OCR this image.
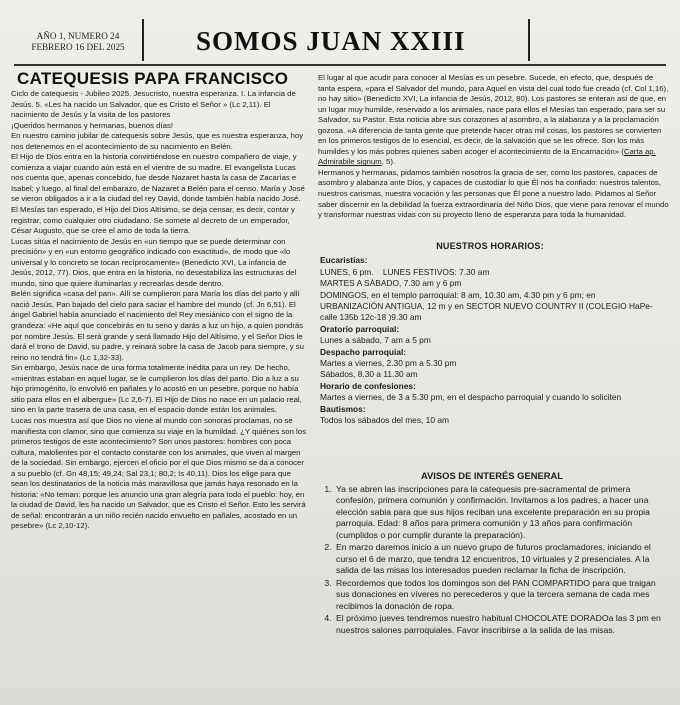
AÑO 1, NUMERO 24
FEBRERO 16 DEL 2025	SOMOS JUAN XXIII
CATEQUESIS PAPA FRANCISCO

Ciclo de catequesis - Jubileo 2025. Jesucristo, nuestra esperanza. I. La infancia de Jesús. 5. «Les ha nacido un Salvador, que es Cristo el Señor » (Lc 2,11). El nacimiento de Jesús y la visita de los pastores

¡Queridos hermanos y hermanas, buenos días!

En nuestro camino jubilar de catequesis sobre Jesús, que es nuestra esperanza, hoy nos detenemos en el acontecimiento de su nacimiento en Belén.

El Hijo de Dios entra en la historia convirtiéndose en nuestro compañero de viaje, y comienza a viajar cuando aún está en el vientre de su madre. El evangelista Lucas nos cuenta que, apenas concebido, fue desde Nazaret hasta la casa de Zacarías e Isabel; y luego, al final del embarazo, de Nazaret a Belén para el censo. María y José se vieron obligados a ir a la ciudad del rey David, donde también había nacido José. El Mesías tan esperado, el Hijo del Dios Altísimo, se deja censar, es decir, contar y registrar, como cualquier otro ciudadano. Se somete al decreto de un emperador, César Augusto, que se cree el amo de toda la tierra.

Lucas sitúa el nacimiento de Jesús en «un tiempo que se puede determinar con precisión» y en «un entorno geográfico indicado con exactitud», de modo que «lo universal y lo concreto se tocan recíprocamente» (Benedicto XVI, La infancia de Jesús, 2012, 77). Dios, que entra en la historia, no desestabiliza las estructuras del mundo, sino que quiere iluminarlas y recrearlas desde dentro.

Belén significa «casa del pan». Allí se cumplieron para María los días del parto y allí nació Jesús, Pan bajado del cielo para saciar el hambre del mundo (cf. Jn 6,51). El ángel Gabriel había anunciado el nacimiento del Rey mesiánico con el signo de la grandeza: «He aquí que concebirás en tu seno y darás a luz un hijo, a quien pondrás por nombre Jesús. El será grande y será llamado Hijo del Altísimo, y el Señor Dios le dará el trono de David, su padre, y reinará sobre la casa de Jacob para siempre, y su reino no tendrá fin» (Lc 1,32-33).

Sin embargo, Jesús nace de una forma totalmente inédita para un rey. De hecho, «mientras estaban en aquel lugar, se le cumplieron los días del parto. Dio a luz a su hijo primogénito, lo envolvió en pañales y lo acostó en un pesebre, porque no había sitio para ellos en el albergue» (Lc 2,6-7). El Hijo de Dios no nace en un palacio real, sino en la parte trasera de una casa, en el espacio donde están los animales.

Lucas nos muestra así que Dios no viene al mundo con sonoras proclamas, no se manifiesta con clamor, sino que comienza su viaje en la humildad. ¿Y quiénes son los primeros testigos de este acontecimiento? Son unos pastores: hombres con poca cultura, malolientes por el contacto constante con los animales, que viven al margen de la sociedad. Sin embargo, ejercen el oficio por el que Dios mismo se da a conocer a su pueblo (cf. Gn 48,15; 49,24; Sal 23,1; 80,2; Is 40,11). Dios los elige para que sean los destinatarios de la noticia más maravillosa que jamás haya resonado en la historia: «No teman: porque les anuncio una gran alegría para todo el pueblo: hoy, en la ciudad de David, les ha nacido un Salvador, que es Cristo el Señor. Esto les servirá de señal: encontrarán a un niño recién nacido envuelto en pañales, acostado en un pesebre» (Lc 2,10-12).

El lugar al que acudir para conocer al Mesías es un pesebre. Sucede, en efecto, que, después de tanta espera, «para el Salvador del mundo, para Aquel en vista del cual todo fue creado (cf. Col 1,16), no hay sitio» (Benedicto XVI, La infancia de Jesús, 2012, 80). Los pastores se enteran así de que, en un lugar muy humilde, reservado a los animales, nace para ellos el Mesías tan esperado, para ser su Salvador, su Pastor. Esta noticia abre sus corazones al asombro, a la alabanza y a la proclamación gozosa. «A diferencia de tanta gente que pretende hacer otras mil cosas, los pastores se convierten en los primeros testigos de lo esencial, es decir, de la salvación que se les ofrece. Son los más humildes y los más pobres quienes saben acoger el acontecimiento de la Encarnación» (Carta ap. Admirabile signum, 5).

Hermanos y hermanas, pidamos también nosotros la gracia de ser, como los pastores, capaces de asombro y alabanza ante Dios, y capaces de custodiar lo que Él nos ha confiado: nuestros talentos, nuestros carismas, nuestra vocación y las personas que Él pone a nuestro lado. Pidamos al Señor saber discernir en la debilidad la fuerza extraordinaria del Niño Dios, que viene para renovar el mundo y transformar nuestras vidas con su proyecto lleno de esperanza para toda la humanidad.

NUESTROS HORARIOS:

Eucaristías:

LUNES, 6 pm.    LUNES FESTIVOS: 7.30 am

MARTES A SÁBADO, 7.30 am y 6 pm

DOMINGOS, en el templo parroquial: 8 am, 10.30 am, 4.30 pm y 6 pm; en URBANIZACIÓN ANTIGUA, 12 m y en SECTOR NUEVO COUNTRY II (COLEGIO HaPe-calle 135b 12c-18 )9.30 am

Oratorio parroquial:

Lunes a sábado, 7 am a 5 pm

Despacho parroquial:

Martes a viernes, 2.30 pm a 5.30 pm

Sábados, 8.30 a 11.30 am

Horario de confesiones:

Martes a viernes, de 3 a 5.30 pm, en el despacho parroquial y cuando lo soliciten

Bautismos:

Todos los sábados del mes, 10 am

AVISOS DE INTERÉS GENERAL
1. Ya se abren las inscripciones para la catequesis pre-sacramental de primera confesión, primera comunión y confirmación. Invitamos a los padres, a hacer una elección sabia para que sus hijos reciban una excelente preparación en su propia parroquia. Edad: 8 años para primera comunión y 13 años para confirmación (cumplidos o por cumplir durante la preparación).
2. En marzo daremos inicio a un nuevo grupo de futuros proclamadores, iniciando el curso el 6 de marzo, que tendra 12 encuentros, 10 virtuales y 2 presenciales. A la salida de las misas los interesados pueden reclamar la ficha de inscripción.
3. Recordemos que todos los domingos son del PAN COMPARTIDO para que traigan sus donaciones en víveres no perecederos y que la tercera semana de cada mes recibimos la donación de ropa.
4. El próximo jueves tendremos nuestro habitual CHOCOLATE DORADOa las 3 pm en nuestros salones parroquiales. Favor inscribirse a la salida de las misas.
